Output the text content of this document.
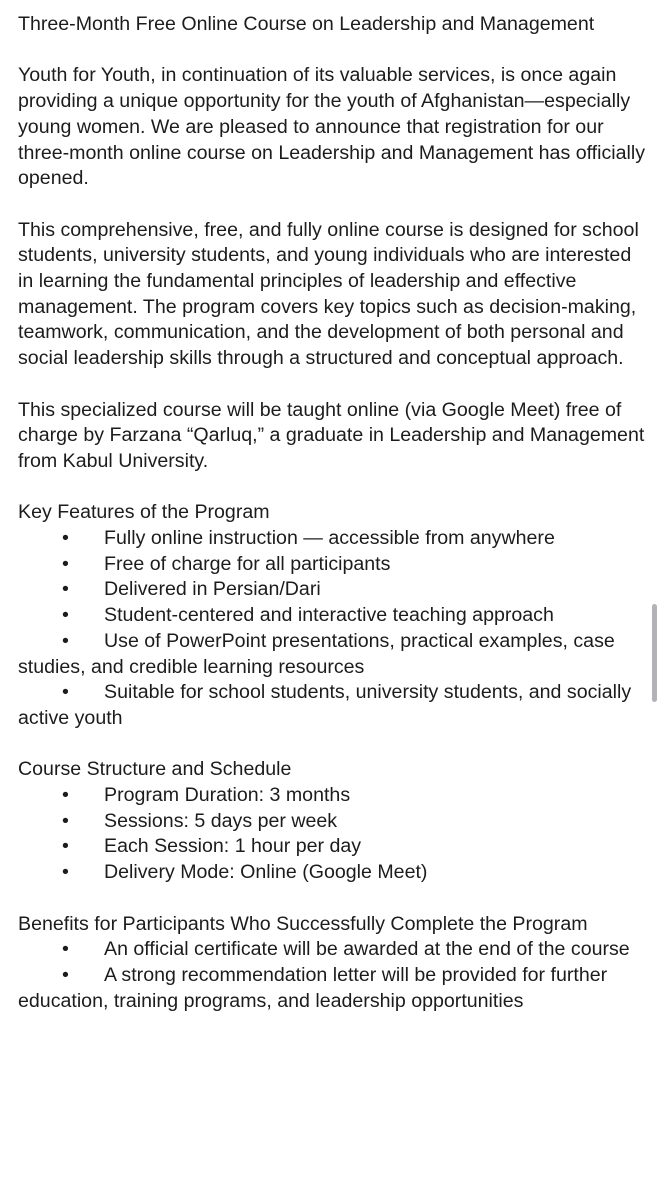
Three-Month Free Online Course on Leadership and Management

Youth for Youth, in continuation of its valuable services, is once again providing a unique opportunity for the youth of Afghanistan—especially young women. We are pleased to announce that registration for our three-month online course on Leadership and Management has officially opened.

This comprehensive, free, and fully online course is designed for school students, university students, and young individuals who are interested in learning the fundamental principles of leadership and effective management. The program covers key topics such as decision-making, teamwork, communication, and the development of both personal and social leadership skills through a structured and conceptual approach.

This specialized course will be taught online (via Google Meet) free of charge by Farzana “Qarluq,” a graduate in Leadership and Management from Kabul University.

Key Features of the Program

• Fully online instruction — accessible from anywhere

• Free of charge for all participants

• Delivered in Persian/Dari

• Student-centered and interactive teaching approach

• Use of PowerPoint presentations, practical examples, case studies, and credible learning resources

• Suitable for school students, university students, and socially active youth

Course Structure and Schedule

• Program Duration: 3 months

• Sessions: 5 days per week

• Each Session: 1 hour per day

• Delivery Mode: Online (Google Meet)

Benefits for Participants Who Successfully Complete the Program

• An official certificate will be awarded at the end of the course

• A strong recommendation letter will be provided for further education, training programs, and leadership opportunities
